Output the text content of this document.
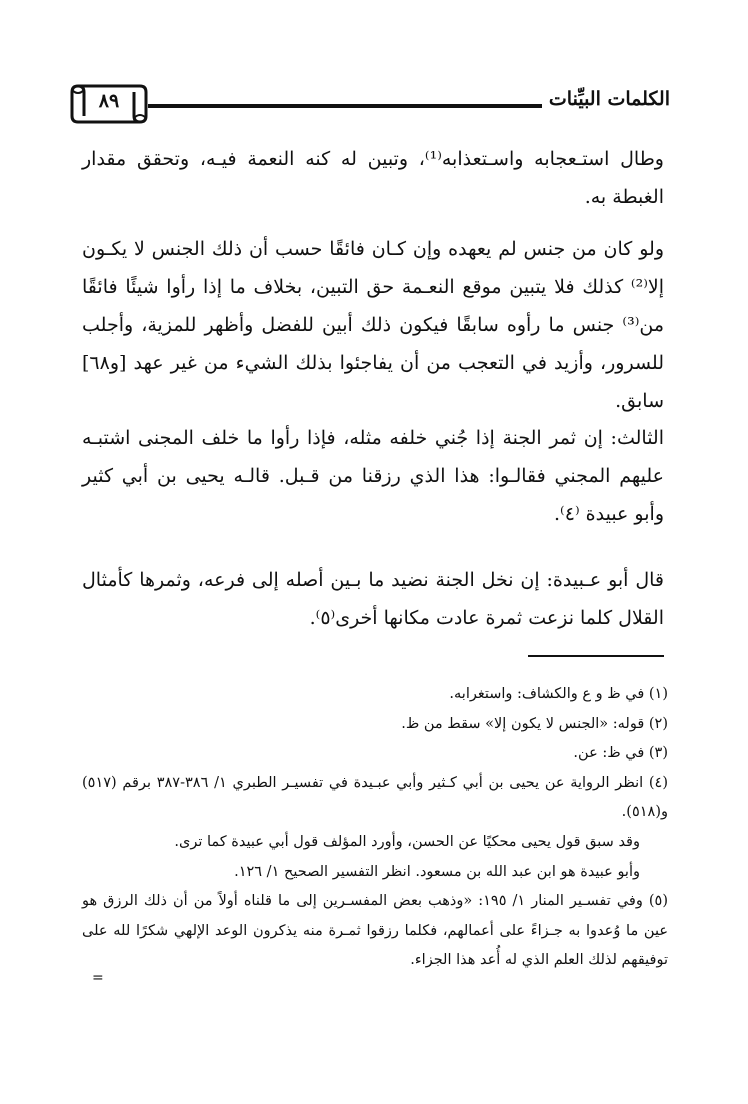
٨٩	الكلمات البيِّنات
وطال استـعجابه واسـتعذابه⁽¹⁾، وتبين له كنه النعمة فيـه، وتحقق مقدار الغبطة به.
ولو كان من جنس لم يعهده وإن كـان فائقًا حسب أن ذلك الجنس لا يكـون إلا⁽²⁾ كذلك فلا يتبين موقع النعـمة حق التبين، بخلاف ما إذا رأوا شيئًا فائقًا من⁽³⁾ جنس ما رأوه سابقًا فيكون ذلك أبين للفضل وأظهر للمزية، وأجلب للسرور، وأزيد في التعجب من أن يفاجئوا بذلك الشيء من غير عهد [و٦٨] سابق.
الثالث: إن ثمر الجنة إذا جُني خلفه مثله، فإذا رأوا ما خلف المجنى اشتبـه عليهم المجني فقالـوا: هذا الذي رزقنا من قـبل. قالـه يحيى بن أبي كثير وأبو عبيدة ⁽٤⁾.
قال أبو عـبيدة: إن نخل الجنة نضيد ما بـين أصله إلى فرعه، وثمرها كأمثال القلال كلما نزعت ثمرة عادت مكانها أخرى⁽٥⁾.
(١) في ظ و ع والكشاف: واستغرابه.
(٢) قوله: «الجنس لا يكون إلا» سقط من ظ.
(٣) في ظ: عن.
(٤) انظر الرواية عن يحيى بن أبي كـثير وأبي عبـيدة في تفسيـر الطبري ١/ ٣٨٦-٣٨٧ برقم (٥١٧) و(٥١٨).
وقد سبق قول يحيى محكيًا عن الحسن، وأورد المؤلف قول أبي عبيدة كما ترى.
وأبو عبيدة هو ابن عبد الله بن مسعود. انظر التفسير الصحيح ١/ ١٢٦.
(٥) وفي تفسـير المنار ١/ ١٩٥: «وذهب بعض المفسـرين إلى ما قلناه أولاً من أن ذلك الرزق هو عين ما وُعدوا به جـزاءً على أعمالهم، فكلما رزقوا ثمـرة منه يذكرون الوعد الإلهي شكرًا لله على توفيقهم لذلك العلم الذي له أُعد هذا الجزاء.
=
